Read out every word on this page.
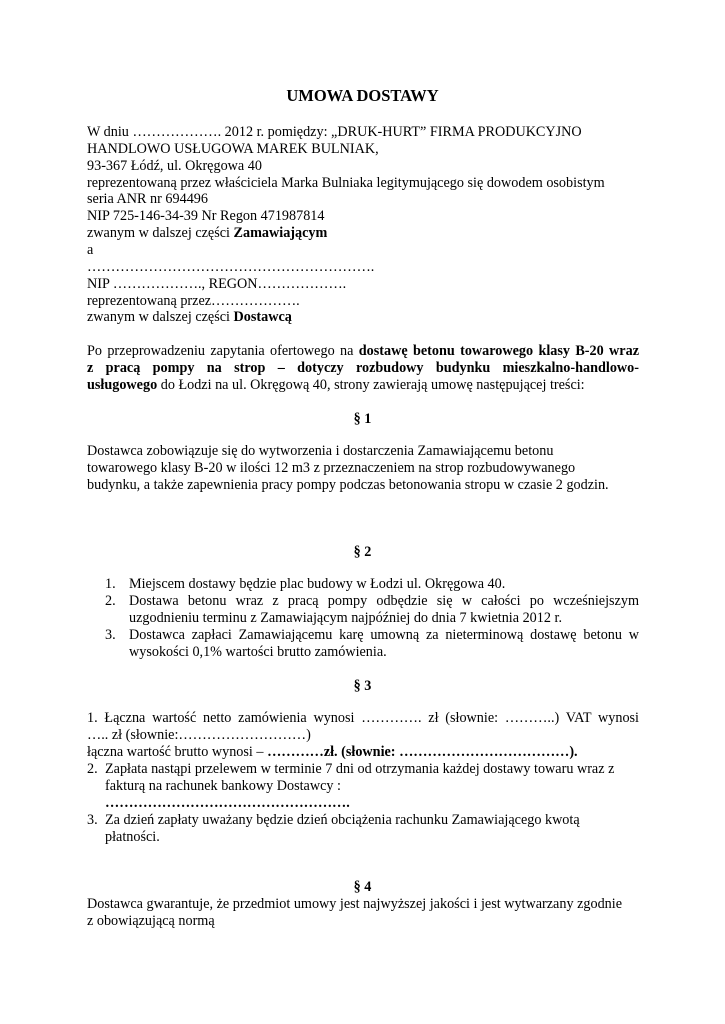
UMOWA DOSTAWY
W dniu ………………. 2012 r. pomiędzy: „DRUK-HURT” FIRMA PRODUKCYJNO
HANDLOWO USŁUGOWA MAREK BULNIAK,
93-367 Łódź, ul. Okręgowa 40
reprezentowaną przez właściciela Marka Bulniaka legitymującego się dowodem osobistym
seria ANR nr 694496
NIP 725-146-34-39 Nr Regon 471987814
zwanym w dalszej części Zamawiającym
a
…………………………………………………….
NIP ………………., REGON……………….
reprezentowaną przez……………….
zwanym w dalszej części Dostawcą
Po przeprowadzeniu zapytania ofertowego na dostawę betonu towarowego klasy B-20 wraz
z pracą pompy na strop – dotyczy rozbudowy budynku mieszkalno-handlowo-
usługowego do Łodzi na ul. Okręgową 40, strony zawierają umowę następującej treści:
§ 1
Dostawca zobowiązuje się do wytworzenia i dostarczenia Zamawiającemu betonu
towarowego klasy B-20 w ilości 12 m3 z przeznaczeniem na strop rozbudowywanego
budynku, a także zapewnienia pracy pompy podczas betonowania stropu w czasie 2 godzin.
§ 2
1. Miejscem dostawy będzie plac budowy w Łodzi ul. Okręgowa 40.
2. Dostawa betonu wraz z pracą pompy odbędzie się w całości po wcześniejszym
uzgodnieniu terminu z Zamawiającym najpóźniej do dnia 7 kwietnia 2012 r.
3. Dostawca zapłaci Zamawiającemu karę umowną za nieterminową dostawę betonu w
wysokości 0,1% wartości brutto zamówienia.
§ 3
1. Łączna wartość netto zamówienia wynosi …………. zł (słownie: ………..) VAT wynosi
….. zł (słownie:………………………)
łączna wartość brutto wynosi – …………zł. (słownie: ………………………………).
2. Zapłata nastąpi przelewem w terminie 7 dni od otrzymania każdej dostawy towaru wraz z
fakturą na rachunek bankowy Dostawcy :
…………………………………………….
3. Za dzień zapłaty uważany będzie dzień obciążenia rachunku Zamawiającego kwotą
płatności.
§ 4
Dostawca gwarantuje, że przedmiot umowy jest najwyższej jakości i jest wytwarzany zgodnie
z obowiązującą normą
